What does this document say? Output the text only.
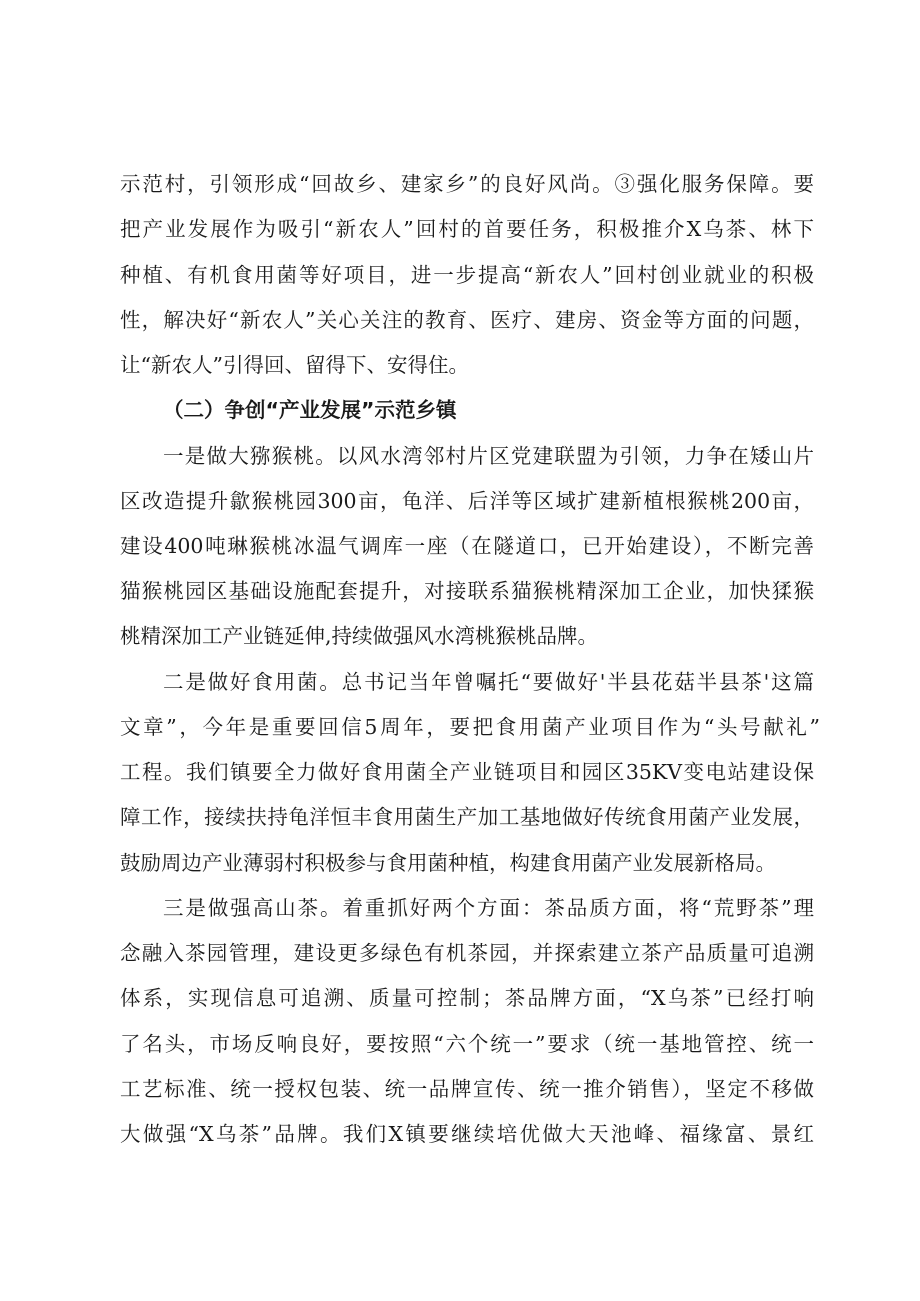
示范村，引领形成“回故乡、建家乡”的良好风尚。③强化服务保障。要
把产业发展作为吸引“新农人”回村的首要任务，积极推介X乌茶、林下
种植、有机食用菌等好项目，进一步提高“新农人”回村创业就业的积极
性，解决好“新农人”关心关注的教育、医疗、建房、资金等方面的问题，
让“新农人”引得回、留得下、安得住。
（二）争创“产业发展”示范乡镇
一是做大猕猴桃。以风水湾邻村片区党建联盟为引领，力争在矮山片
区改造提升歙猴桃园300亩，龟洋、后洋等区域扩建新植根猴桃200亩，
建设400吨琳猴桃冰温气调库一座（在隧道口，已开始建设），不断完善
猫猴桃园区基础设施配套提升，对接联系猫猴桃精深加工企业，加快猱猴
桃精深加工产业链延伸,持续做强风水湾桃猴桃品牌。
二是做好食用菌。总书记当年曾嘱托“要做好'半县花菇半县茶'这篇
文章”，今年是重要回信5周年，要把食用菌产业项目作为“头号献礼”
工程。我们镇要全力做好食用菌全产业链项目和园区35KV变电站建设保
障工作，接续扶持龟洋恒丰食用菌生产加工基地做好传统食用菌产业发展，
鼓励周边产业薄弱村积极参与食用菌种植，构建食用菌产业发展新格局。
三是做强高山茶。着重抓好两个方面：茶品质方面，将“荒野茶”理
念融入茶园管理，建设更多绿色有机茶园，并探索建立茶产品质量可追溯
体系，实现信息可追溯、质量可控制；茶品牌方面，“X乌茶”已经打响
了名头，市场反响良好，要按照“六个统一”要求（统一基地管控、统一
工艺标准、统一授权包装、统一品牌宣传、统一推介销售），坚定不移做
大做强“X乌茶”品牌。我们X镇要继续培优做大天池峰、福缘富、景红
